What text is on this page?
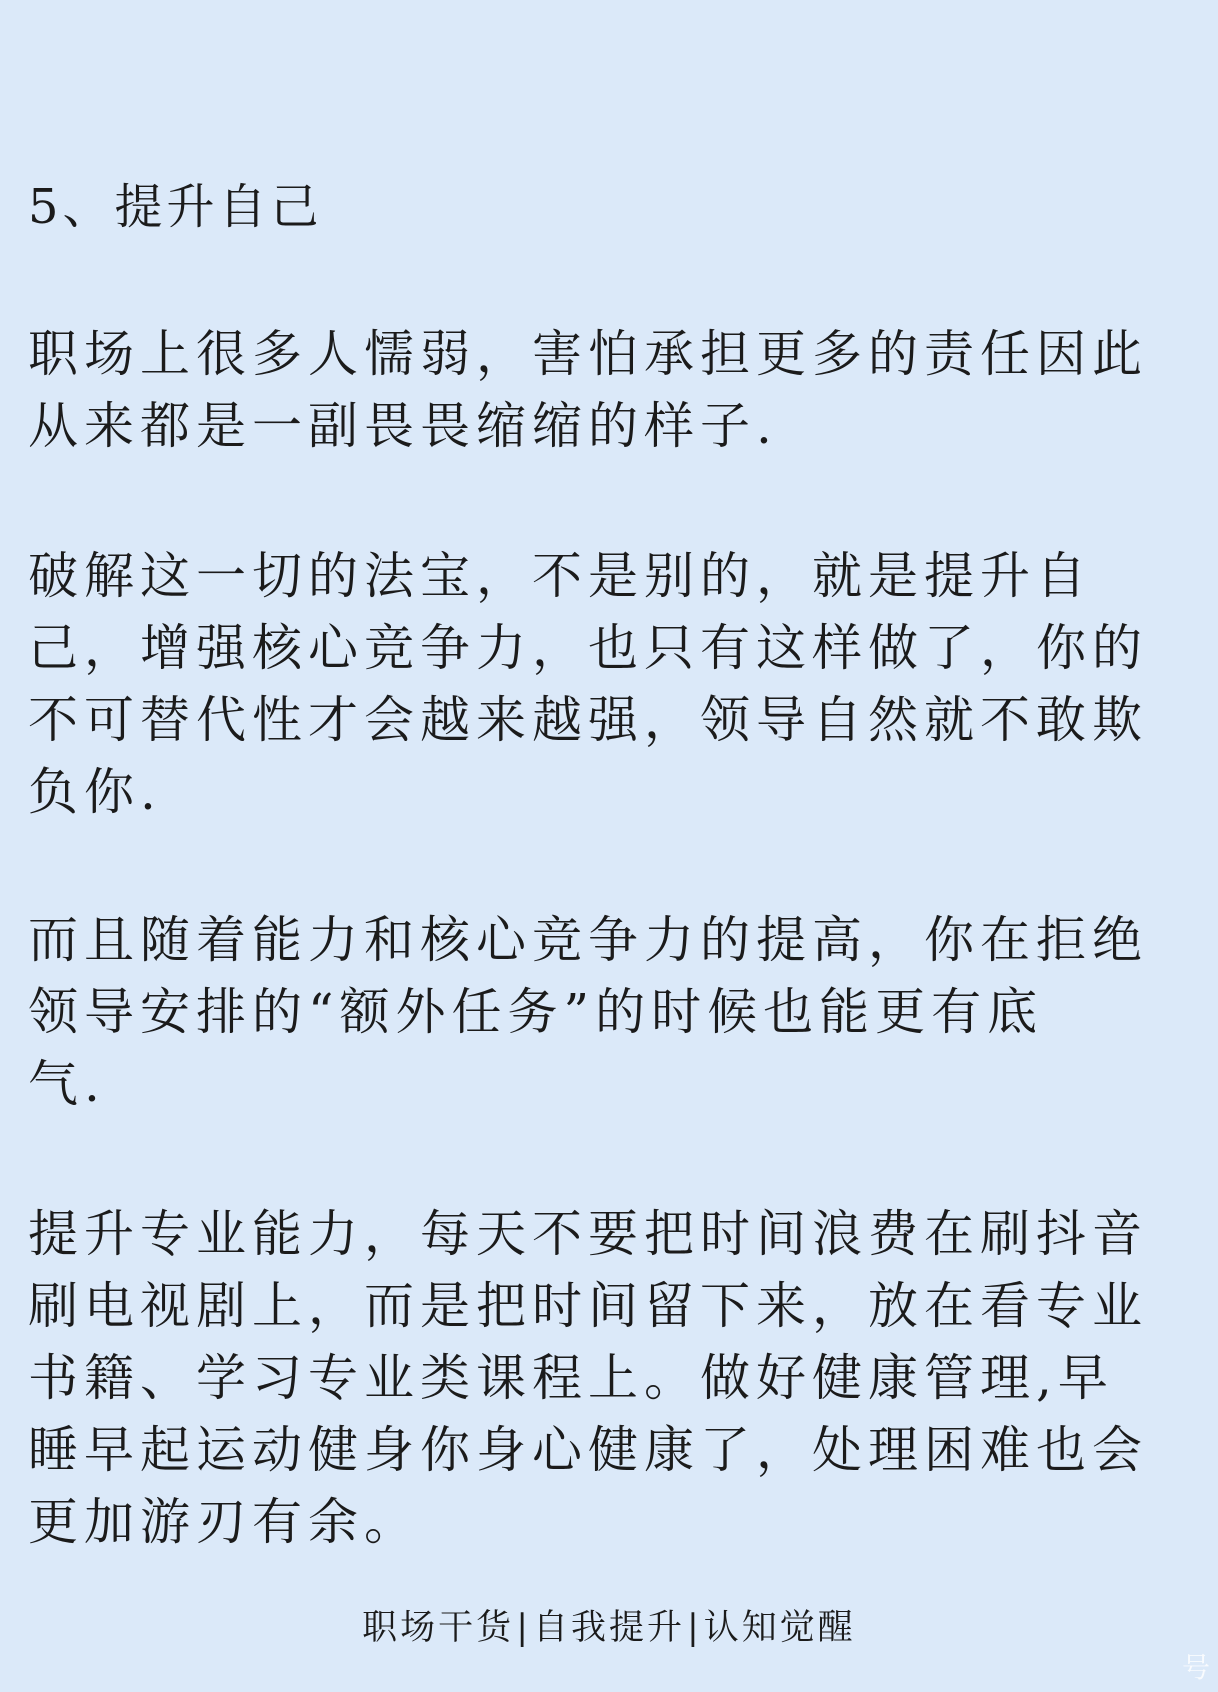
5、提升自己

职场上很多人懦弱，害怕承担更多的责任因此
从来都是一副畏畏缩缩的样子.

破解这一切的法宝，不是别的，就是提升自
己，增强核心竞争力，也只有这样做了，你的
不可替代性才会越来越强，领导自然就不敢欺
负你.

而且随着能力和核心竞争力的提高，你在拒绝
领导安排的“额外任务”的时候也能更有底
气.

提升专业能力，每天不要把时间浪费在刷抖音
刷电视剧上，而是把时间留下来，放在看专业
书籍、学习专业类课程上。做好健康管理,早
睡早起运动健身你身心健康了，处理困难也会
更加游刃有余。

职场干货|自我提升|认知觉醒
号
